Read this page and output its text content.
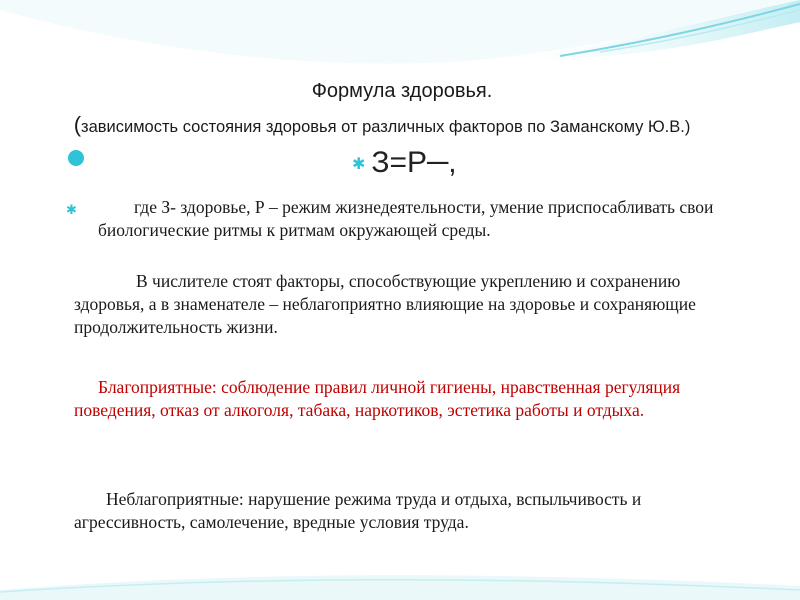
Формула здоровья.
(зависимость состояния здоровья от различных факторов по Заманскому Ю.В.)
✱ З=Р─,
✱	где З- здоровье, Р – режим жизнедеятельности, умение приспосабливать свои биологические ритмы к ритмам окружающей среды.
В числителе стоят факторы, способствующие укреплению и сохранению здоровья, а в знаменателе – неблагоприятно влияющие на здоровье и сохраняющие продолжительность жизни.
Благоприятные: соблюдение правил личной гигиены, нравственная регуляция поведения, отказ от алкоголя, табака, наркотиков, эстетика работы и отдыха.
Неблагоприятные: нарушение режима труда и отдыха, вспыльчивость и агрессивность, самолечение, вредные условия труда.
